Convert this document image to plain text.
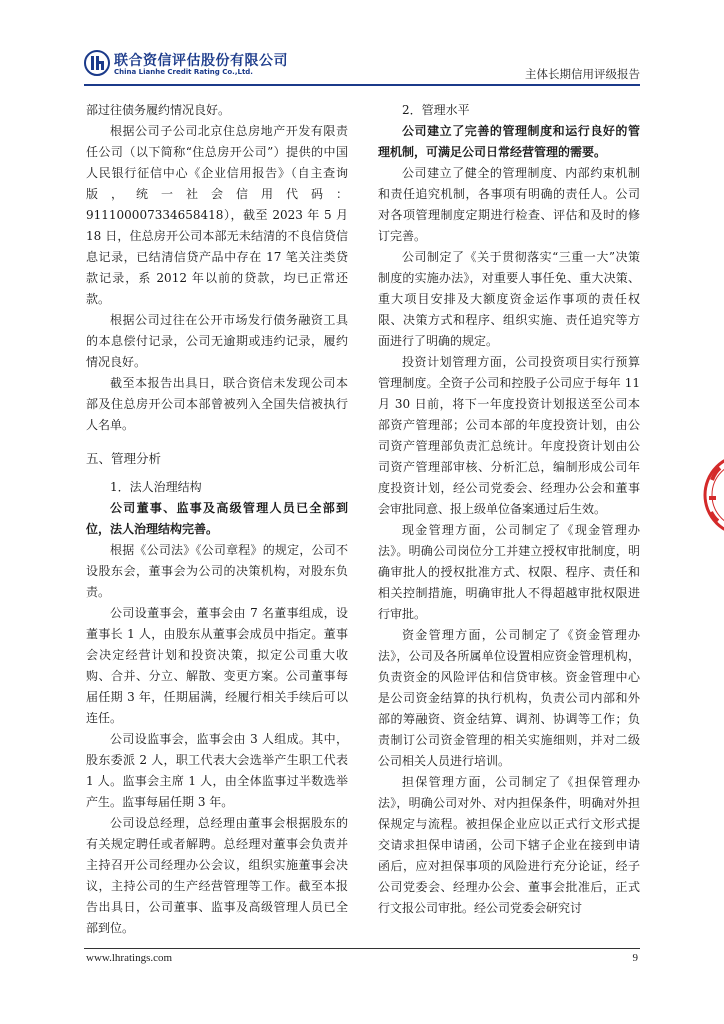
联合资信评估股份有限公司
China Lianhe Credit Rating Co.,Ltd.	主体长期信用评级报告

部过往债务履约情况良好。

根据公司子公司北京住总房地产开发有限责任公司（以下简称“住总房开公司”）提供的中国人民银行征信中心《企业信用报告》（自主查询版，统一社会信用代码：911100007334658418），截至 2023 年 5 月 18 日，住总房开公司本部无未结清的不良信贷信息记录，已结清信贷产品中存在 17 笔关注类贷款记录，系 2012 年以前的贷款，均已正常还款。

根据公司过往在公开市场发行债务融资工具的本息偿付记录，公司无逾期或违约记录，履约情况良好。

截至本报告出具日，联合资信未发现公司本部及住总房开公司本部曾被列入全国失信被执行人名单。

五、管理分析

1．法人治理结构

公司董事、监事及高级管理人员已全部到位，法人治理结构完善。

根据《公司法》《公司章程》的规定，公司不设股东会，董事会为公司的决策机构，对股东负责。

公司设董事会，董事会由 7 名董事组成，设董事长 1 人，由股东从董事会成员中指定。董事会决定经营计划和投资决策，拟定公司重大收购、合并、分立、解散、变更方案。公司董事每届任期 3 年，任期届满，经履行相关手续后可以连任。

公司设监事会，监事会由 3 人组成。其中，股东委派 2 人，职工代表大会选举产生职工代表 1 人。监事会主席 1 人，由全体监事过半数选举产生。监事每届任期 3 年。

公司设总经理，总经理由董事会根据股东的有关规定聘任或者解聘。总经理对董事会负责并主持召开公司经理办公会议，组织实施董事会决议，主持公司的生产经营管理等工作。截至本报告出具日，公司董事、监事及高级管理人员已全部到位。

2．管理水平

公司建立了完善的管理制度和运行良好的管理机制，可满足公司日常经营管理的需要。

公司建立了健全的管理制度、内部约束机制和责任追究机制，各事项有明确的责任人。公司对各项管理制度定期进行检查、评估和及时的修订完善。

公司制定了《关于贯彻落实“三重一大”决策制度的实施办法》，对重要人事任免、重大决策、重大项目安排及大额度资金运作事项的责任权限、决策方式和程序、组织实施、责任追究等方面进行了明确的规定。

投资计划管理方面，公司投资项目实行预算管理制度。全资子公司和控股子公司应于每年 11 月 30 日前，将下一年度投资计划报送至公司本部资产管理部；公司本部的年度投资计划，由公司资产管理部负责汇总统计。年度投资计划由公司资产管理部审核、分析汇总，编制形成公司年度投资计划，经公司党委会、经理办公会和董事会审批同意、报上级单位备案通过后生效。

现金管理方面，公司制定了《现金管理办法》。明确公司岗位分工并建立授权审批制度，明确审批人的授权批准方式、权限、程序、责任和相关控制措施，明确审批人不得超越审批权限进行审批。

资金管理方面，公司制定了《资金管理办法》，公司及各所属单位设置相应资金管理机构，负责资金的风险评估和信贷审核。资金管理中心是公司资金结算的执行机构，负责公司内部和外部的筹融资、资金结算、调剂、协调等工作；负责制订公司资金管理的相关实施细则，并对二级公司相关人员进行培训。

担保管理方面，公司制定了《担保管理办法》，明确公司对外、对内担保条件，明确对外担保规定与流程。被担保企业应以正式行文形式提交请求担保申请函，公司下辖子企业在接到申请函后，应对担保事项的风险进行充分论证，经子公司党委会、经理办公会、董事会批准后，正式行文报公司审批。经公司党委会研究讨

www.lhratings.com	9
